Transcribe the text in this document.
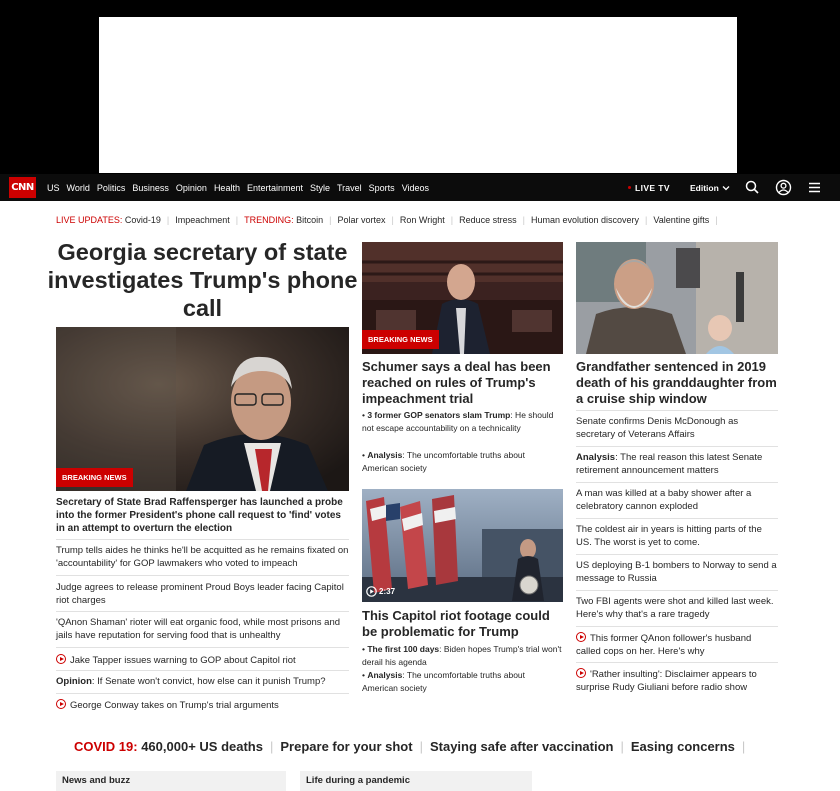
CNN US World Politics Business Opinion Health Entertainment Style Travel Sports Videos	LIVE TV Edition
LIVE UPDATES:
Covid-19 | Impeachment | TRENDING:
Bitcoin | Polar vortex | Ron Wright | Reduce stress | Human evolution discovery | Valentine gifts |
Georgia secretary of state investigates Trump's phone call
BREAKING NEWS
Secretary of State Brad Raffensperger has launched a probe into the former President's phone call request to 'find' votes in an attempt to overturn the election
Trump tells aides he thinks he'll be acquitted as he remains fixated on 'accountability' for GOP lawmakers who voted to impeach
Judge agrees to release prominent Proud Boys leader facing Capitol riot charges
'QAnon Shaman' rioter will eat organic food, while most prisons and jails have reputation for serving food that is unhealthy
Jake Tapper issues warning to GOP about Capitol riot
Opinion: If Senate won't convict, how else can it punish Trump?
George Conway takes on Trump's trial arguments
BREAKING NEWS
Schumer says a deal has been reached on rules of Trump's impeachment trial
• 3 former GOP senators slam Trump: He should not escape accountability on a technicality
• Analysis: The uncomfortable truths about American society
2:37
This Capitol riot footage could be problematic for Trump
• The first 100 days: Biden hopes Trump's trial won't derail his agenda
• Analysis: The uncomfortable truths about American society
Grandfather sentenced in 2019 death of his granddaughter from a cruise ship window
Senate confirms Denis McDonough as secretary of Veterans Affairs
Analysis: The real reason this latest Senate retirement announcement matters
A man was killed at a baby shower after a celebratory cannon exploded
The coldest air in years is hitting parts of the US. The worst is yet to come.
US deploying B-1 bombers to Norway to send a message to Russia
Two FBI agents were shot and killed last week. Here's why that's a rare tragedy
This former QAnon follower's husband called cops on her. Here's why
'Rather insulting': Disclaimer appears to surprise Rudy Giuliani before radio show
COVID 19:
460,000+ US deaths | Prepare for your shot | Staying safe after vaccination | Easing concerns |
News and buzz	Life during a pandemic
